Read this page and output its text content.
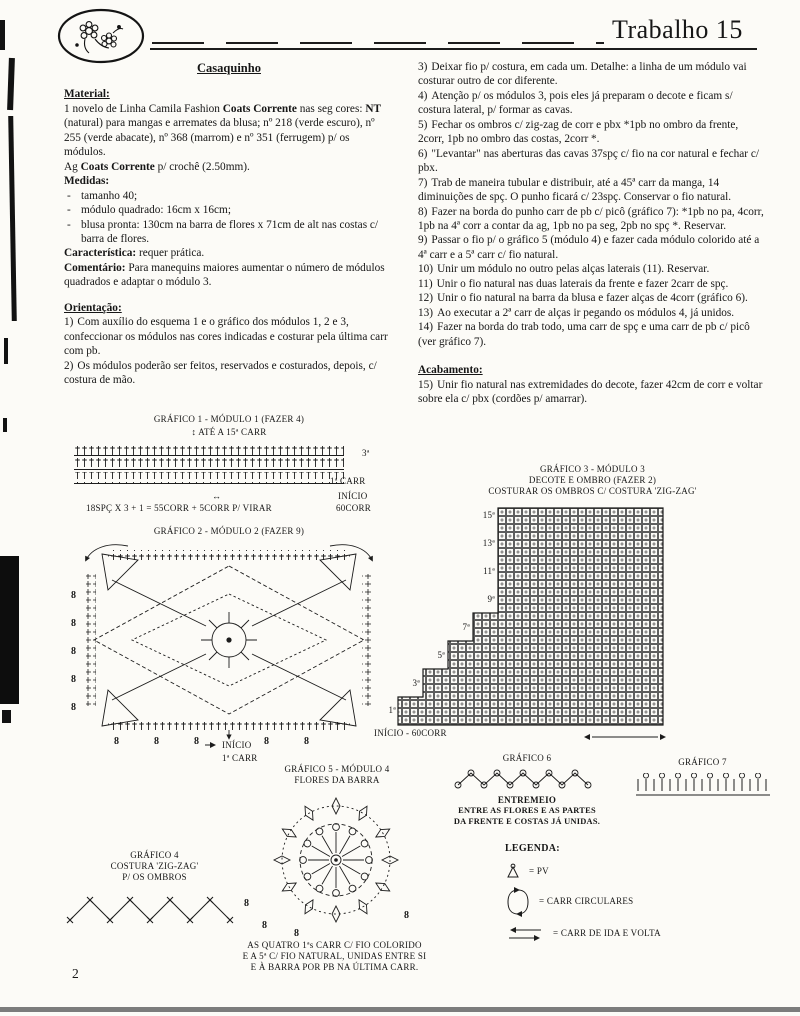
Trabalho 15
Casaquinho
Material:

1 novelo de Linha Camila Fashion Coats Corrente nas seg cores: NT (natural) para mangas e arremates da blusa; nº 218 (verde escuro), nº 255 (verde abacate), nº 368 (marrom) e nº 351 (ferrugem) p/ os módulos.

Ag Coats Corrente p/ crochê (2.50mm).

Medidas:

- tamanho 40;

- módulo quadrado: 16cm x 16cm;

- blusa pronta: 130cm na barra de flores x 71cm de alt nas costas c/ barra de flores.

Característica: requer prática.

Comentário: Para manequins maiores aumentar o número de módulos quadrados e adaptar o módulo 3.

Orientação:

1) Com auxílio do esquema 1 e o gráfico dos módulos 1, 2 e 3, confeccionar os módulos nas cores indicadas e costurar pela última carr com pb.

2) Os módulos poderão ser feitos, reservados e costurados, depois, c/ costura de mão.

GRÁFICO 1 - MÓDULO 1 (FAZER 4)
↕ ATÉ A 15ª CARR
3ª
1ª CARR
↔	INÍCIO
60CORR
18SPÇ X 3 + 1 = 55CORR + 5CORR P/ VIRAR
GRÁFICO 2 - MÓDULO 2 (FAZER 9)
8
8
8
8
8
8	8	8	8	8
INÍCIO
1ª CARR
GRÁFICO 4
COSTURA 'ZIG-ZAG'
P/ OS OMBROS
GRÁFICO 5 - MÓDULO 4
FLORES DA BARRA
8
8
8
8
AS QUATRO 1ªs CARR C/ FIO COLORIDO
E A 5ª C/ FIO NATURAL, UNIDAS ENTRE SI
E À BARRA POR PB NA ÚLTIMA CARR.

3) Deixar fio p/ costura, em cada um. Detalhe: a linha de um módulo vai costurar outro de cor diferente.

4) Atenção p/ os módulos 3, pois eles já preparam o decote e ficam s/ costura lateral, p/ formar as cavas.

5) Fechar os ombros c/ zig-zag de corr e pbx *1pb no ombro da frente, 2corr, 1pb no ombro das costas, 2corr *.

6) "Levantar" nas aberturas das cavas 37spç c/ fio na cor natural e fechar c/ pbx.

7) Trab de maneira tubular e distribuir, até a 45ª carr da manga, 14 diminuições de spç. O punho ficará c/ 23spç. Conservar o fio natural.

8) Fazer na borda do punho carr de pb c/ picô (gráfico 7): *1pb no pa, 4corr, 1pb na 4ª corr a contar da ag, 1pb no pa seg, 2pb no spç *. Reservar.

9) Passar o fio p/ o gráfico 5 (módulo 4) e fazer cada módulo colorido até a 4ª carr e a 5ª carr c/ fio natural.

10) Unir um módulo no outro pelas alças laterais (11). Reservar.

11) Unir o fio natural nas duas laterais da frente e fazer 2carr de spç.

12) Unir o fio natural na barra da blusa e fazer alças de 4corr (gráfico 6).

13) Ao executar a 2ª carr de alças ir pegando os módulos 4, já unidos.

14) Fazer na borda do trab todo, uma carr de spç e uma carr de pb c/ picô (ver gráfico 7).

Acabamento:

15) Unir fio natural nas extremidades do decote, fazer 42cm de corr e voltar sobre ela c/ pbx (cordões p/ amarrar).

GRÁFICO 3 - MÓDULO 3
DECOTE E OMBRO (FAZER 2)
COSTURAR OS OMBROS C/ COSTURA 'ZIG-ZAG'
15ª
13ª
11ª
9ª
7ª
5ª
3ª
1ª
INÍCIO - 60CORR
GRÁFICO 6
ENTREMEIO
ENTRE AS FLORES E AS PARTES
DA FRENTE E COSTAS JÁ UNIDAS.
GRÁFICO 7
LEGENDA:
= PV
= CARR CIRCULARES
= CARR DE IDA E VOLTA
2
